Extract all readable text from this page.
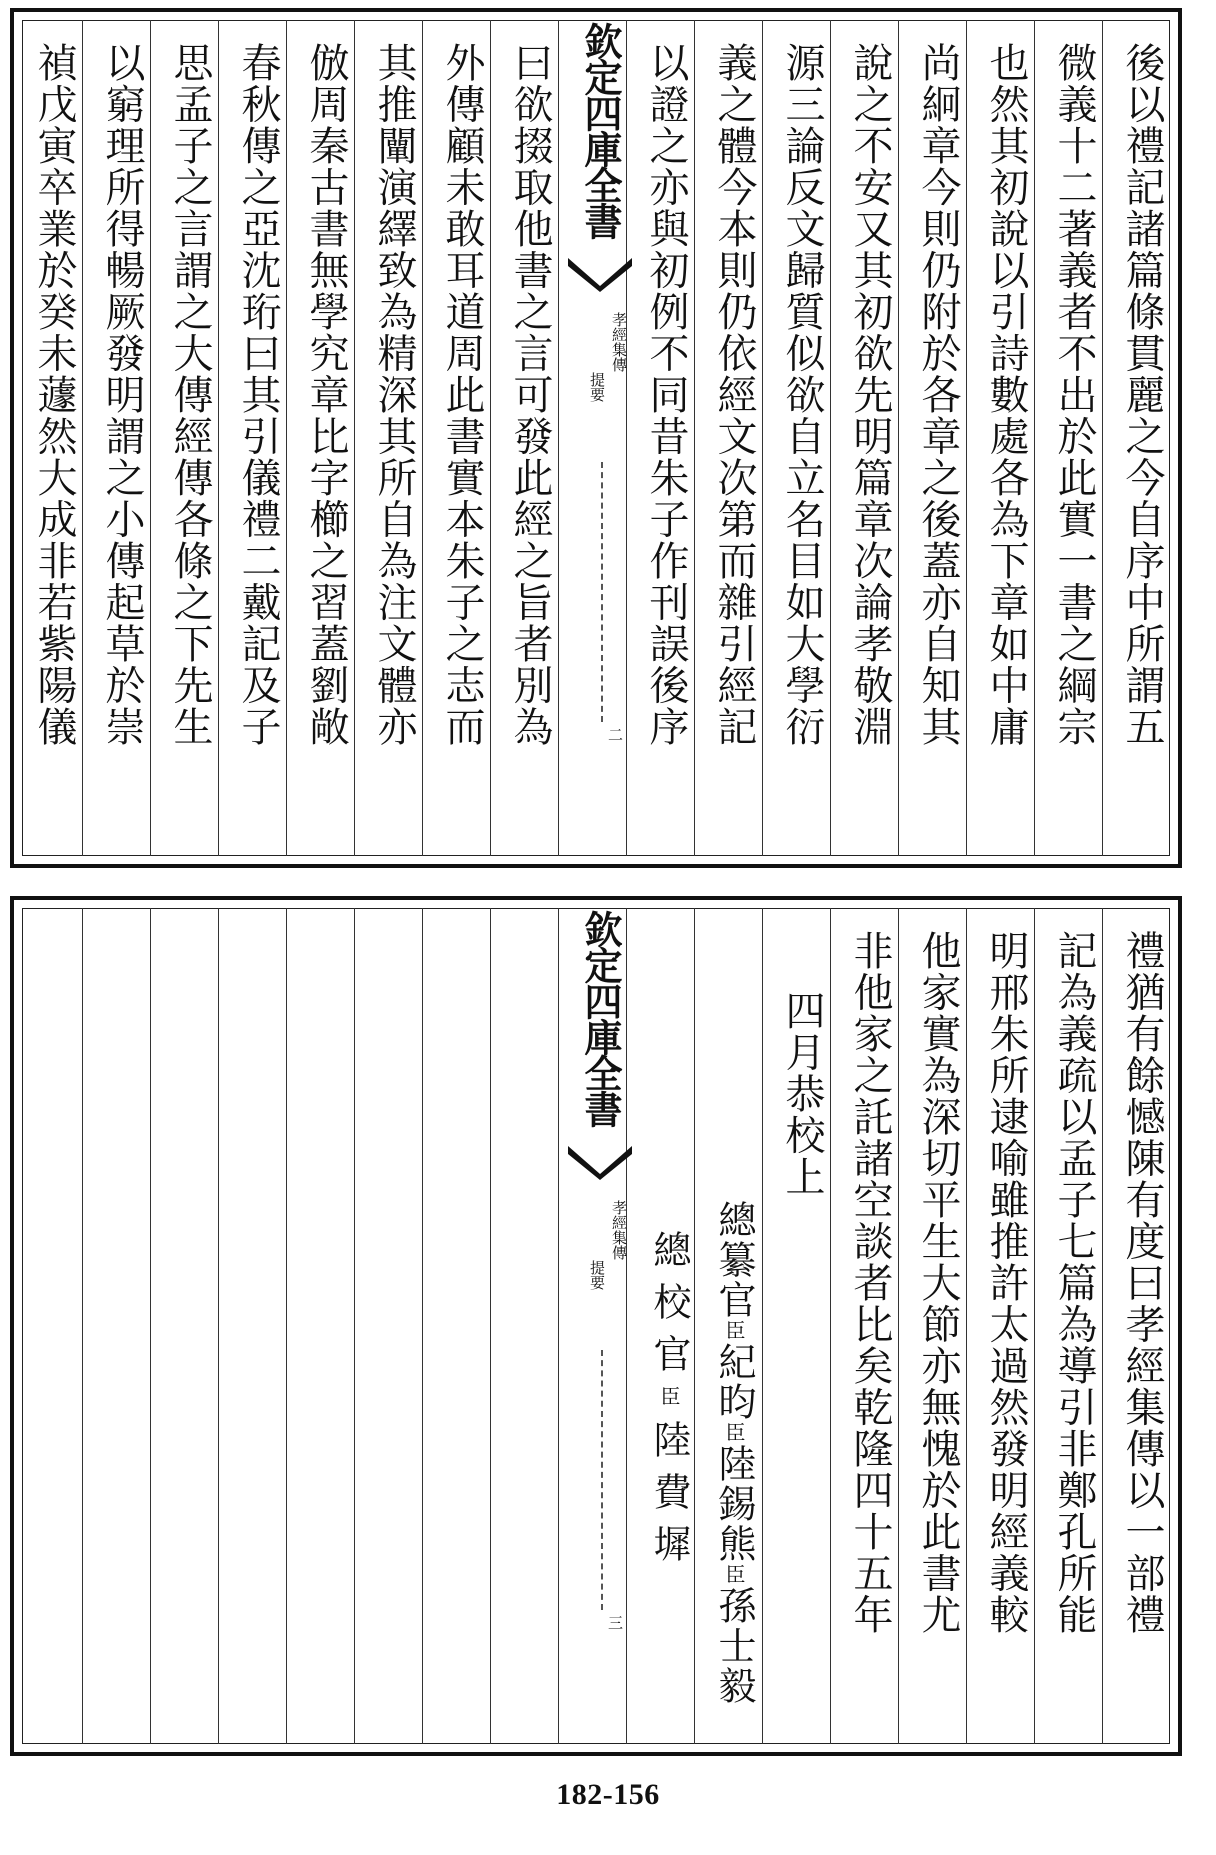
欽定四庫全書
孝經集傳
提要
二	後以禮記諸篇條貫麗之今自序中所謂五
微義十二著義者不出於此實一書之綱宗
也然其初說以引詩數處各為下章如中庸
尚絅章今則仍附於各章之後蓋亦自知其
說之不安又其初欲先明篇章次論孝敬淵
源三論反文歸質似欲自立名目如大學衍
義之體今本則仍依經文次第而雜引經記
以證之亦與初例不同昔朱子作刊誤後序
曰欲掇取他書之言可發此經之旨者別為
外傳顧未敢耳道周此書實本朱子之志而
其推闡演繹致為精深其所自為注文體亦
倣周秦古書無學究章比字櫛之習蓋劉敞
春秋傳之亞沈珩曰其引儀禮二戴記及子
思孟子之言謂之大傳經傳各條之下先生
以窮理所得暢厥發明謂之小傳起草於崇
禎戊寅卒業於癸未蘧然大成非若紫陽儀
欽定四庫全書
孝經集傳
提要
三	禮猶有餘憾陳有度曰孝經集傳以一部禮
記為義疏以孟子七篇為導引非鄭孔所能
明邢朱所逮喻雖推許太過然發明經義較
他家實為深切平生大節亦無愧於此書尤
非他家之託諸空談者比矣乾隆四十五年
四月恭校上
總纂官臣紀昀臣陸錫熊臣孫士毅
總校官臣陸費墀
182-156
